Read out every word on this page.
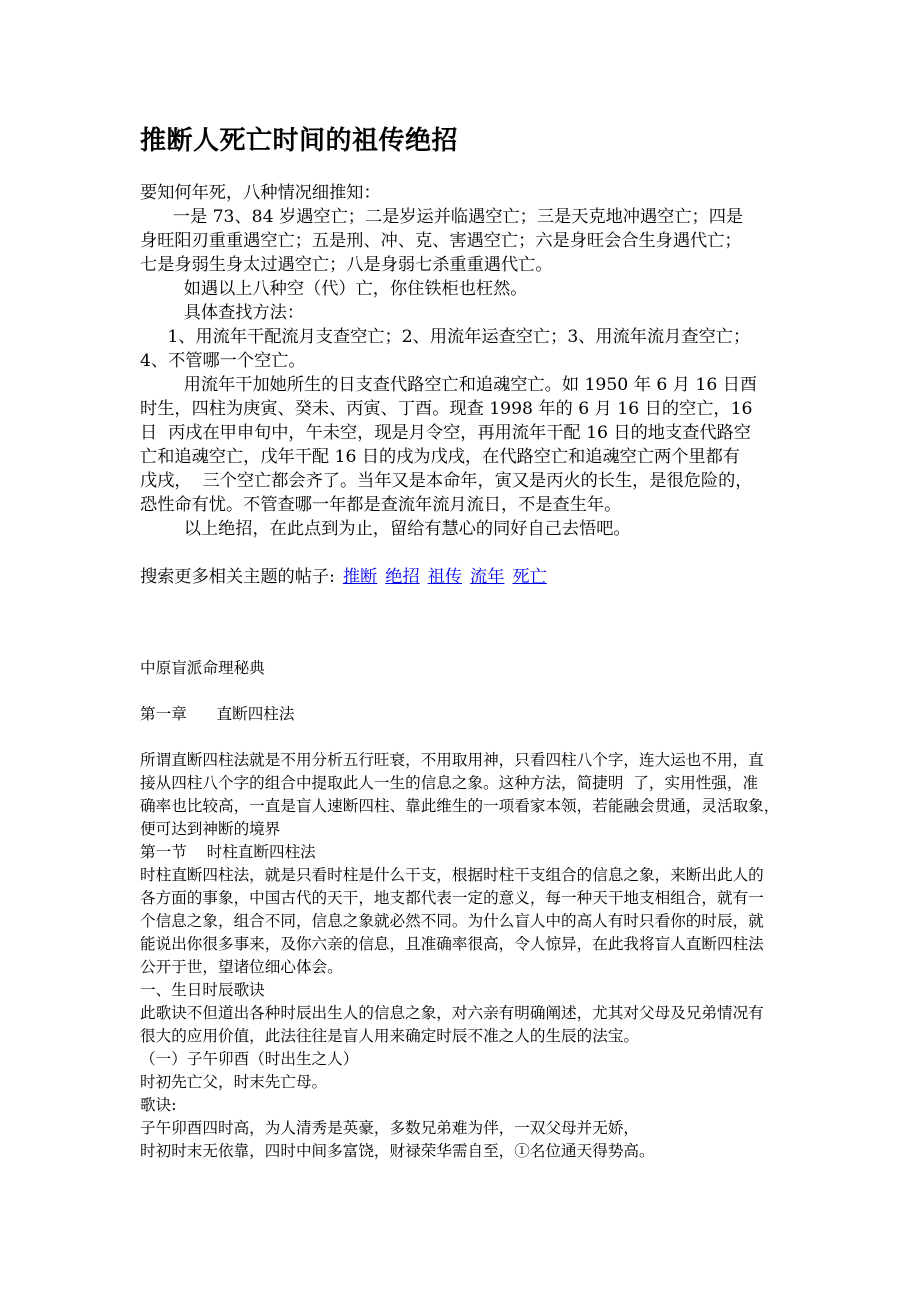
推断人死亡时间的祖传绝招
要知何年死，八种情况细推知：
一是 73、84 岁遇空亡；二是岁运并临遇空亡；三是天克地冲遇空亡；四是
身旺阳刃重重遇空亡；五是刑、冲、克、害遇空亡；六是身旺会合生身遇代亡；
七是身弱生身太过遇空亡；八是身弱七杀重重遇代亡。
如遇以上八种空（代）亡，你住铁柜也枉然。
具体查找方法：
1、用流年干配流月支查空亡；2、用流年运查空亡；3、用流年流月查空亡；
4、不管哪一个空亡。
用流年干加她所生的日支查代路空亡和追魂空亡。如 1950 年 6 月 16 日酉
时生，四柱为庚寅、癸未、丙寅、丁酉。现查 1998 年的 6 月 16 日的空亡，16
日  丙戌在甲申旬中，午未空，现是月令空，再用流年干配 16 日的地支查代路空
亡和追魂空亡，戊年干配 16 日的戌为戊戌，在代路空亡和追魂空亡两个里都有
戊戌，  三个空亡都会齐了。当年又是本命年，寅又是丙火的长生，是很危险的，
恐性命有忧。不管查哪一年都是查流年流月流日，不是查生年。
以上绝招，在此点到为止，留给有慧心的同好自己去悟吧。
搜索更多相关主题的帖子: 推断 绝招 祖传 流年 死亡
中原盲派命理秘典
第一章      直断四柱法
所谓直断四柱法就是不用分析五行旺衰，不用取用神，只看四柱八个字，连大运也不用，直
接从四柱八个字的组合中提取此人一生的信息之象。这种方法，简捷明  了，实用性强，准
确率也比较高，一直是盲人速断四柱、靠此维生的一项看家本领，若能融会贯通，灵活取象，
便可达到神断的境界
第一节    时柱直断四柱法
时柱直断四柱法，就是只看时柱是什么干支，根据时柱干支组合的信息之象，来断出此人的
各方面的事象，中国古代的天干，地支都代表一定的意义，每一种天干地支相组合，就有一
个信息之象，组合不同，信息之象就必然不同。为什么盲人中的高人有时只看你的时辰，就
能说出你很多事来，及你六亲的信息，且准确率很高，令人惊异，在此我将盲人直断四柱法
公开于世，望诸位细心体会。
一、生日时辰歌诀
此歌诀不但道出各种时辰出生人的信息之象，对六亲有明确阐述，尤其对父母及兄弟情况有
很大的应用价值，此法往往是盲人用来确定时辰不准之人的生辰的法宝。
（一）子午卯酉（时出生之人）
时初先亡父，时末先亡母。
歌诀:
子午卯酉四时高，为人清秀是英豪，多数兄弟难为伴，一双父母并无娇，
时初时末无依靠，四时中间多富饶，财禄荣华需自至，①名位通天得势高。
